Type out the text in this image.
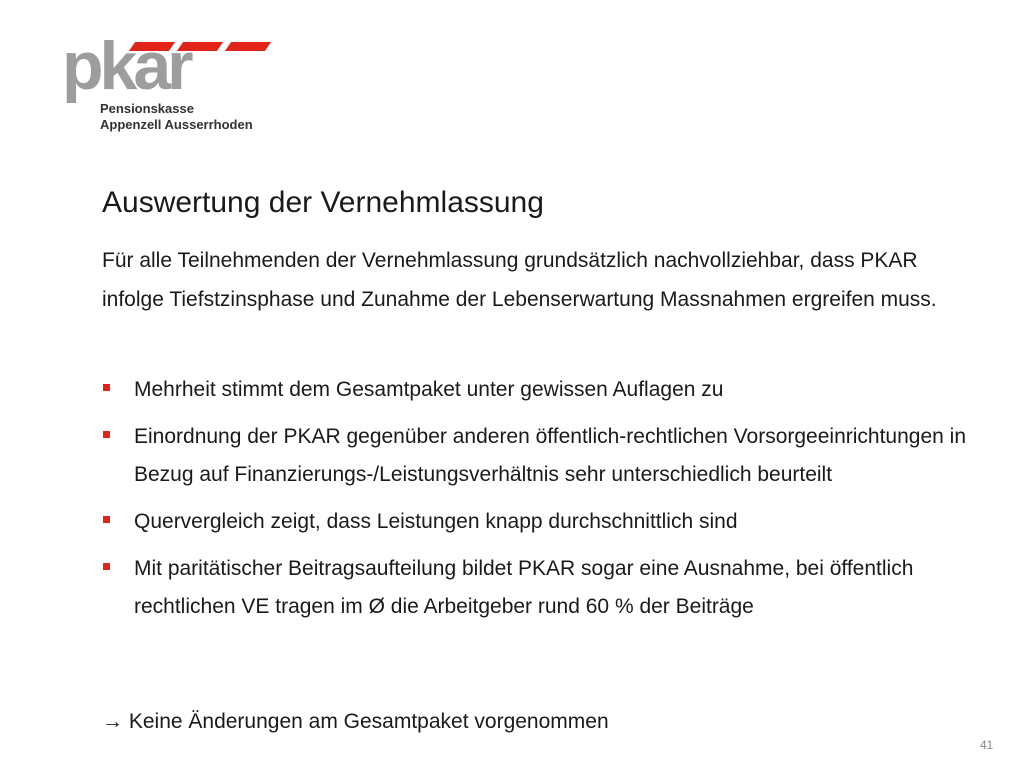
pkar
Pensionskasse
Appenzell Ausserrhoden
Auswertung der Vernehmlassung
Für alle Teilnehmenden der Vernehmlassung grundsätzlich nachvollziehbar, dass PKAR infolge Tiefstzinsphase und Zunahme der Lebenserwartung Massnahmen ergreifen muss.
Mehrheit stimmt dem Gesamtpaket unter gewissen Auflagen zu
Einordnung der PKAR gegenüber anderen öffentlich-rechtlichen Vorsorgeeinrichtungen in Bezug auf Finanzierungs-/Leistungsverhältnis sehr unterschiedlich beurteilt
Quervergleich zeigt, dass Leistungen knapp durchschnittlich sind
Mit paritätischer Beitragsaufteilung bildet PKAR sogar eine Ausnahme, bei öffentlich rechtlichen VE tragen im Ø die Arbeitgeber rund 60 % der Beiträge
→ Keine Änderungen am Gesamtpaket vorgenommen
41
